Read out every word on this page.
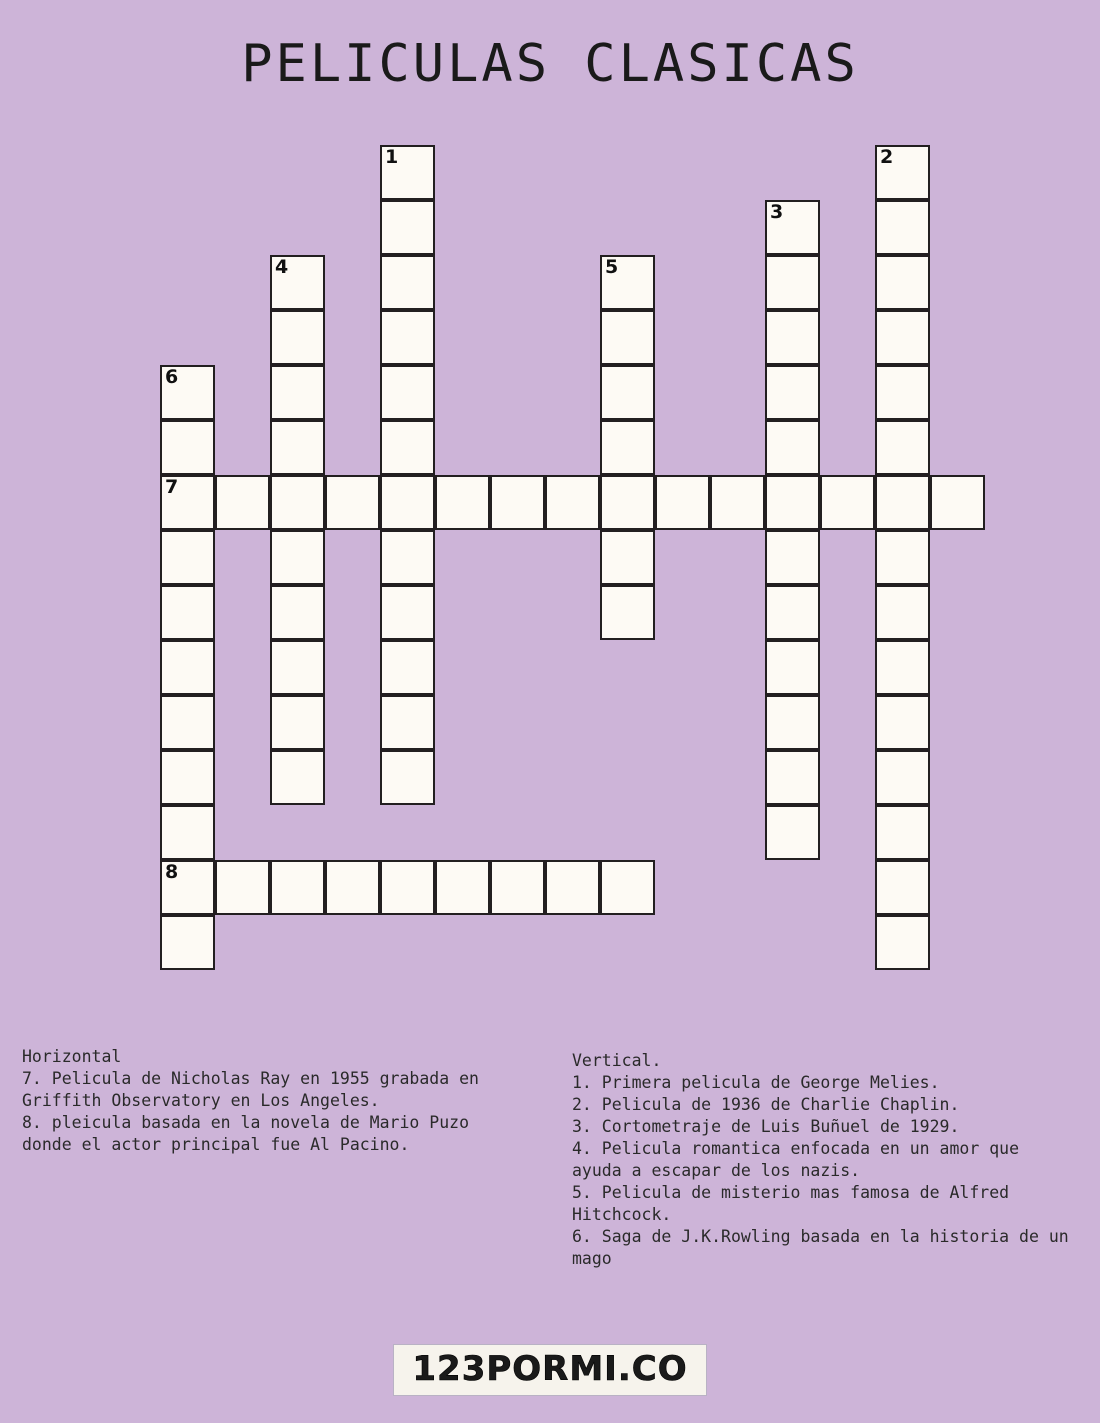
PELICULAS CLASICAS
1	2
3
4	5
6
7
8

Horizontal

7. Pelicula de Nicholas Ray en 1955 grabada en Griffith Observatory en Los Angeles.

8. pleicula basada en la novela de Mario Puzo donde el actor principal fue Al Pacino.

Vertical.

1. Primera pelicula de George Melies.

2. Pelicula de 1936 de Charlie Chaplin.

3. Cortometraje de Luis Buñuel de 1929.

4. Pelicula romantica enfocada en un amor que ayuda a escapar de los nazis.

5. Pelicula de misterio mas famosa de Alfred Hitchcock.

6. Saga de J.K.Rowling basada en la historia de un mago

123PORMI.CO
